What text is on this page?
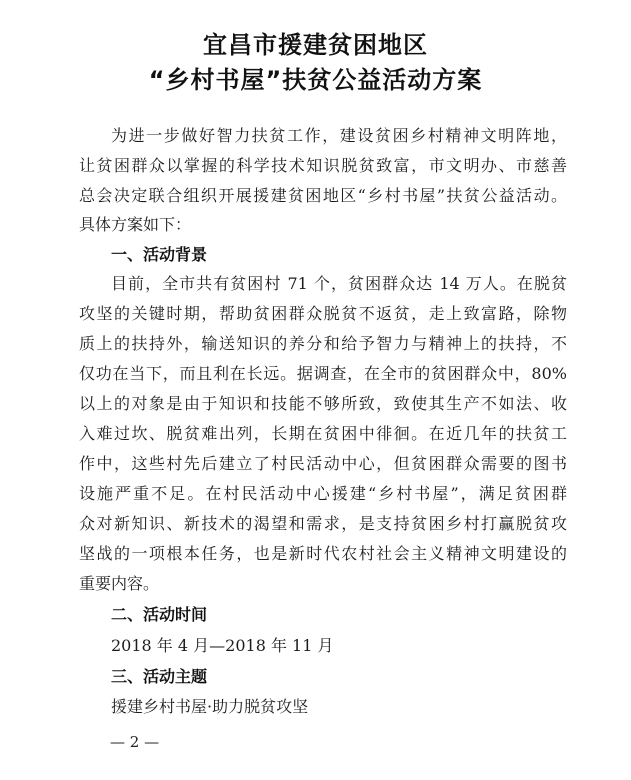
宜昌市援建贫困地区
“乡村书屋”扶贫公益活动方案
为进一步做好智力扶贫工作，建设贫困乡村精神文明阵地，
让贫困群众以掌握的科学技术知识脱贫致富，市文明办、市慈善
总会决定联合组织开展援建贫困地区“乡村书屋”扶贫公益活动。
具体方案如下：
一、活动背景
目前，全市共有贫困村 71 个，贫困群众达 14 万人。在脱贫
攻坚的关键时期，帮助贫困群众脱贫不返贫，走上致富路，除物
质上的扶持外，输送知识的养分和给予智力与精神上的扶持，不
仅功在当下，而且利在长远。据调查，在全市的贫困群众中，80%
以上的对象是由于知识和技能不够所致，致使其生产不如法、收
入难过坎、脱贫难出列，长期在贫困中徘徊。在近几年的扶贫工
作中，这些村先后建立了村民活动中心，但贫困群众需要的图书
设施严重不足。在村民活动中心援建“乡村书屋”，满足贫困群
众对新知识、新技术的渴望和需求，是支持贫困乡村打赢脱贫攻
坚战的一项根本任务，也是新时代农村社会主义精神文明建设的
重要内容。
二、活动时间
2018 年 4 月—2018 年 11 月
三、活动主题
援建乡村书屋·助力脱贫攻坚
— 2 —
